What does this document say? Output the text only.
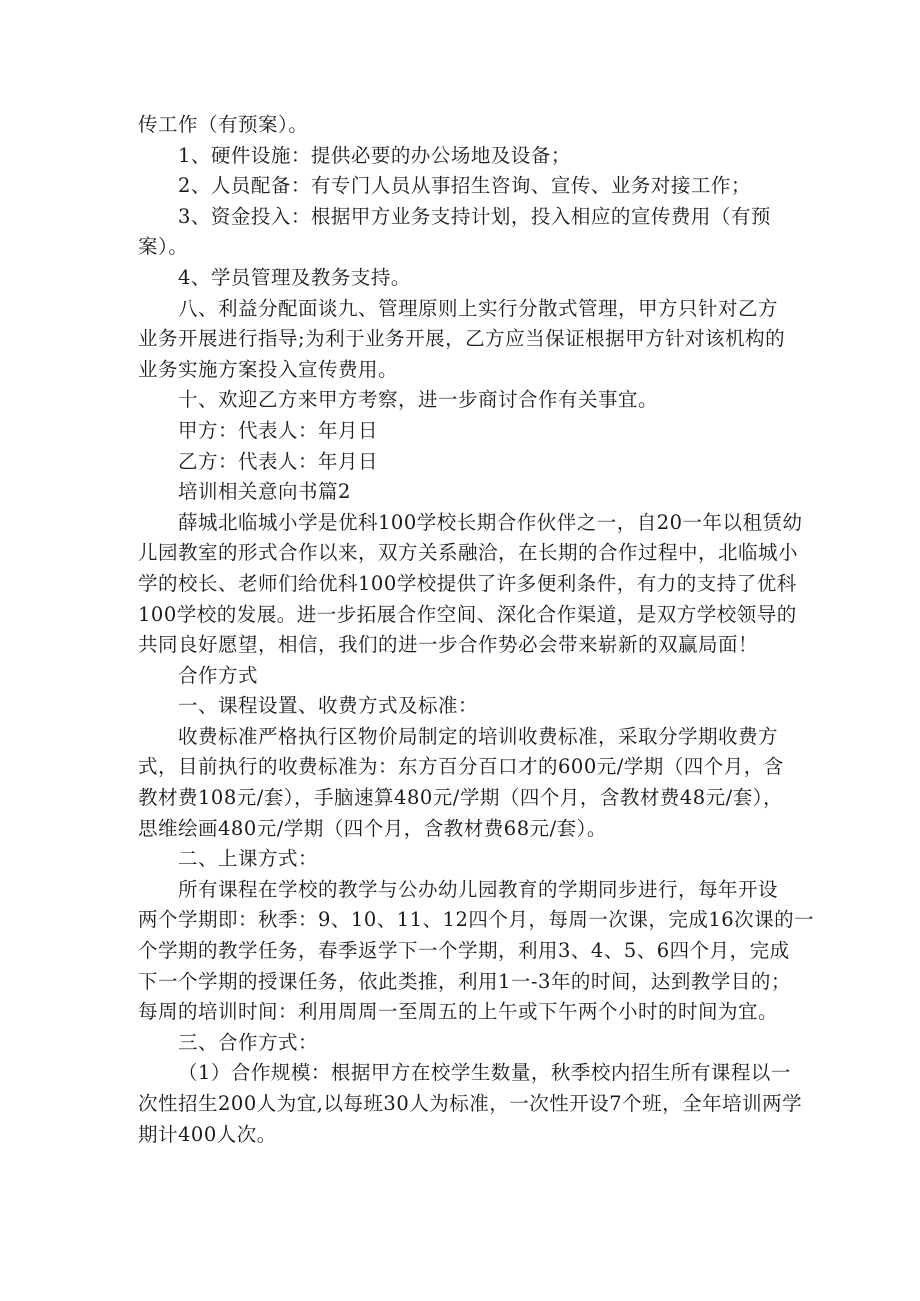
传工作（有预案）。
1、硬件设施：提供必要的办公场地及设备；
2、人员配备：有专门人员从事招生咨询、宣传、业务对接工作；
3、资金投入：根据甲方业务支持计划，投入相应的宣传费用（有预
案）。
4、学员管理及教务支持。
八、利益分配面谈九、管理原则上实行分散式管理，甲方只针对乙方
业务开展进行指导;为利于业务开展，乙方应当保证根据甲方针对该机构的
业务实施方案投入宣传费用。
十、欢迎乙方来甲方考察，进一步商讨合作有关事宜。
甲方：代表人：年月日
乙方：代表人：年月日
培训相关意向书篇2
薛城北临城小学是优科100学校长期合作伙伴之一，自20一年以租赁幼
儿园教室的形式合作以来，双方关系融洽，在长期的合作过程中，北临城小
学的校长、老师们给优科100学校提供了许多便利条件，有力的支持了优科
100学校的发展。进一步拓展合作空间、深化合作渠道，是双方学校领导的
共同良好愿望，相信，我们的进一步合作势必会带来崭新的双赢局面！
合作方式
一、课程设置、收费方式及标准：
收费标准严格执行区物价局制定的培训收费标准，采取分学期收费方
式，目前执行的收费标准为：东方百分百口才的600元/学期（四个月，含
教材费108元/套），手脑速算480元/学期（四个月，含教材费48元/套），
思维绘画480元/学期（四个月，含教材费68元/套）。
二、上课方式：
所有课程在学校的教学与公办幼儿园教育的学期同步进行，每年开设
两个学期即：秋季：9、10、11、12四个月，每周一次课，完成16次课的一
个学期的教学任务，春季返学下一个学期，利用3、4、5、6四个月，完成
下一个学期的授课任务，依此类推，利用1一-3年的时间，达到教学目的；
每周的培训时间：利用周周一至周五的上午或下午两个小时的时间为宜。
三、合作方式：
（1）合作规模：根据甲方在校学生数量，秋季校内招生所有课程以一
次性招生200人为宜,以每班30人为标准，一次性开设7个班，全年培训两学
期计400人次。
